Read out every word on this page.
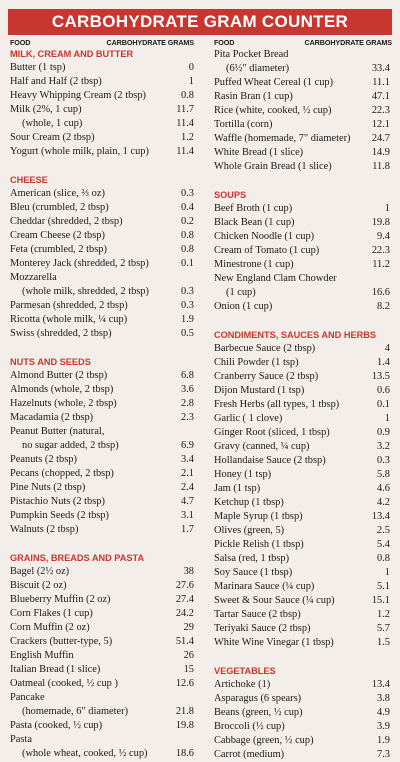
CARBOHYDRATE GRAM COUNTER
FOOD	CARBOHYDRATE GRAMS
MILK, CREAM AND BUTTER
Butter (1 tsp)	0
Half and Half (2 tbsp)	1
Heavy Whipping Cream (2 tbsp)	0.8
Milk (2%, 1 cup)	11.7
(whole, 1 cup)	11.4
Sour Cream (2 tbsp)	1.2
Yogurt (whole milk, plain, 1 cup)	11.4
CHEESE
American (slice, ⅔ oz)	0.3
Bleu (crumbled, 2 tbsp)	0.4
Cheddar (shredded, 2 tbsp)	0.2
Cream Cheese (2 tbsp)	0.8
Feta (crumbled, 2 tbsp)	0.8
Monterey Jack (shredded, 2 tbsp)	0.1
Mozzarella
(whole milk, shredded, 2 tbsp)	0.3
Parmesan (shredded, 2 tbsp)	0.3
Ricotta (whole milk, ¼ cup)	1.9
Swiss (shredded, 2 tbsp)	0.5
NUTS AND SEEDS
Almond Butter (2 tbsp)	6.8
Almonds (whole, 2 tbsp)	3.6
Hazelnuts (whole, 2 tbsp)	2.8
Macadamia (2 tbsp)	2.3
Peanut Butter (natural,
no sugar added, 2 tbsp)	6.9
Peanuts (2 tbsp)	3.4
Pecans (chopped, 2 tbsp)	2.1
Pine Nuts (2 tbsp)	2.4
Pistachio Nuts (2 tbsp)	4.7
Pumpkin Seeds (2 tbsp)	3.1
Walnuts (2 tbsp)	1.7
GRAINS, BREADS AND PASTA
Bagel (2½ oz)	38
Biscuit (2 oz)	27.6
Blueberry Muffin (2 oz)	27.4
Corn Flakes (1 cup)	24.2
Corn Muffin (2 oz)	29
Crackers (butter-type, 5)	51.4
English Muffin	26
Italian Bread (1 slice)	15
Oatmeal (cooked, ½ cup )	12.6
Pancake
(homemade, 6" diameter)	21.8
Pasta (cooked, ½ cup)	19.8
Pasta
(whole wheat, cooked, ½ cup)	18.6
FOOD	CARBOHYDRATE GRAMS
Pita Pocket Bread
(6½" diameter)	33.4
Puffed Wheat Cereal (1 cup)	11.1
Rasin Bran (1 cup)	47.1
Rice (white, cooked, ½ cup)	22.3
Tortilla (corn)	12.1
Waffle (homemade, 7" diameter)	24.7
White Bread (1 slice)	14.9
Whole Grain Bread (1 slice)	11.8
SOUPS
Beef Broth (1 cup)	1
Black Bean (1 cup)	19.8
Chicken Noodle (1 cup)	9.4
Cream of Tomato (1 cup)	22.3
Minestrone (1 cup)	11.2
New England Clam Chowder
(1 cup)	16.6
Onion (1 cup)	8.2
CONDIMENTS, SAUCES AND HERBS
Barbecue Sauce (2 tbsp)	4
Chili Powder (1 tsp)	1.4
Cranberry Sauce (2 tbsp)	13.5
Dijon Mustard (1 tsp)	0.6
Fresh Herbs (all types, 1 tbsp)	0.1
Garlic ( 1 clove)	1
Ginger Root (sliced, 1 tbsp)	0.9
Gravy (canned, ¼ cup)	3.2
Hollandaise Sauce (2 tbsp)	0.3
Honey (1 tsp)	5.8
Jam (1 tsp)	4.6
Ketchup (1 tbsp)	4.2
Maple Syrup (1 tbsp)	13.4
Olives (green, 5)	2.5
Pickle Relish (1 tbsp)	5.4
Salsa (red, 1 tbsp)	0.8
Soy Sauce (1 tbsp)	1
Marinara Sauce (¼ cup)	5.1
Sweet & Sour Sauce (¼ cup)	15.1
Tartar Sauce (2 tbsp)	1.2
Teriyaki Sauce (2 tbsp)	5.7
White Wine Vinegar (1 tbsp)	1.5
VEGETABLES
Artichoke (1)	13.4
Asparagus (6 spears)	3.8
Beans (green, ½ cup)	4.9
Broccoli (½ cup)	3.9
Cabbage (green, ½ cup)	1.9
Carrot (medium)	7.3
